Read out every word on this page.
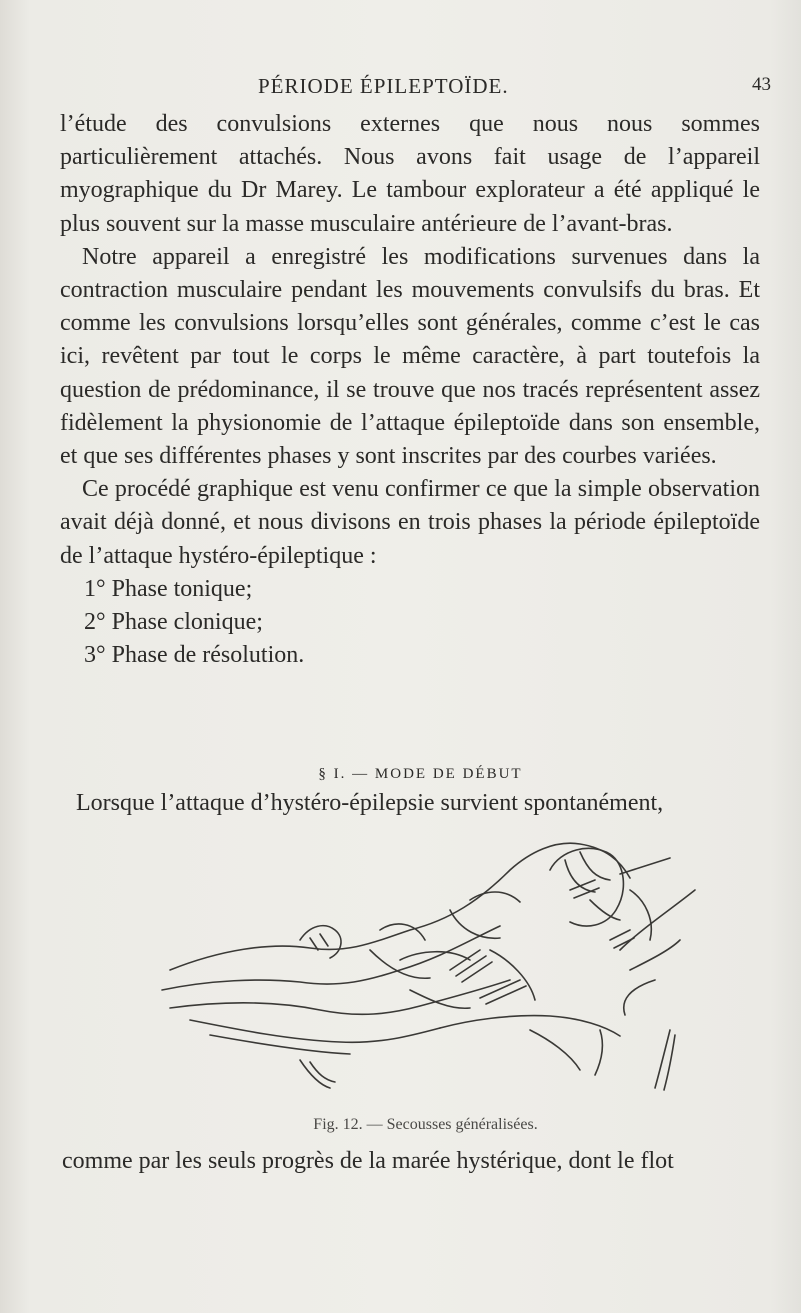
PÉRIODE ÉPILEPTOÏDE.	43

l’étude des convulsions externes que nous nous sommes particulièrement attachés. Nous avons fait usage de l’appareil myographique du Dr Marey. Le tambour explorateur a été appliqué le plus souvent sur la masse musculaire antérieure de l’avant-bras.

Notre appareil a enregistré les modifications survenues dans la contraction musculaire pendant les mouvements convulsifs du bras. Et comme les convulsions lorsqu’elles sont générales, comme c’est le cas ici, revêtent par tout le corps le même caractère, à part toutefois la question de prédominance, il se trouve que nos tracés représentent assez fidèlement la physionomie de l’attaque épileptoïde dans son ensemble, et que ses différentes phases y sont inscrites par des courbes variées.

Ce procédé graphique est venu confirmer ce que la simple observation avait déjà donné, et nous divisons en trois phases la période épileptoïde de l’attaque hystéro-épileptique :

1° Phase tonique;
2° Phase clonique;
3° Phase de résolution.
§ I. — MODE DE DÉBUT
Lorsque l’attaque d’hystéro-épilepsie survient spontanément,
Fig. 12. — Secousses généralisées.
comme par les seuls progrès de la marée hystérique, dont le flot
